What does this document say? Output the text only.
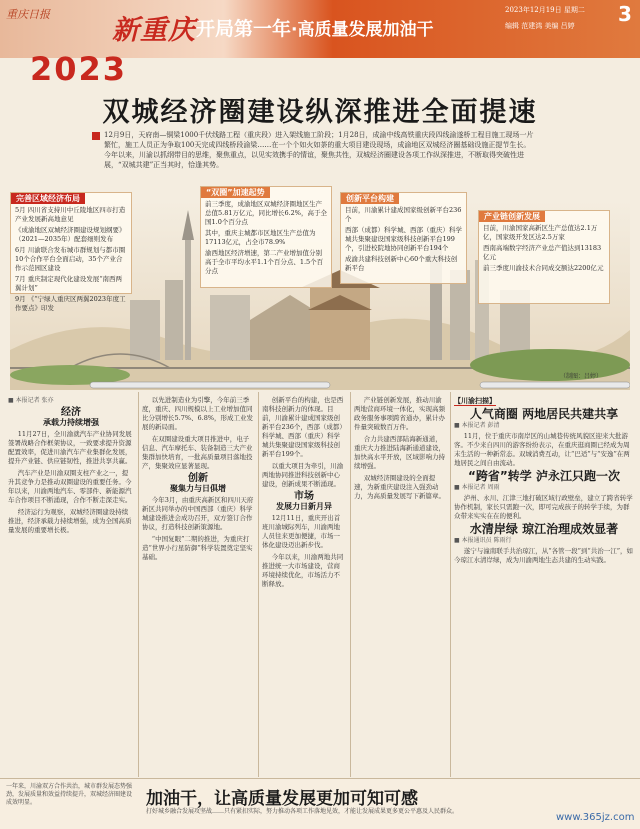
重庆日报
新重庆 开局第一年·高质量发展加油干
2023年12月19日 星期二
编辑 范建鸿 美编 吕婷 3
2023
双城经济圈建设纵深推进全面提速
12月9日，天府南—铜梁1000千伏线路工程（重庆段）进入架线施工阶段；1月28日，成渝中线高铁重庆段四线渝遂桥工程目施工现场一片繁忙，施工人员正为争取100天完成四线桥段渝梁……在一个个如火如荼的重大项目建设现场，成渝地区双城经济圈基础设施正提节生长。今年以来，川渝以抓纲带目的思维，聚焦重点，以见实效携手的情谊，聚焦共性，双城经济圈建设各项工作纵深推进，不断取得突破性进展，“双城共建”正当其时，恰逢其势。
（制图：吕婷）
完善区域经济布局
5月 四川省支持川中丘陵地区四市打造产业发展新高地意见
《成渝地区双城经济圈建设规划纲要》（2021—2035年）配套细则发布
6月 川渝联合发布城市群规划与都市圈10个合作平台全面启动，35个产业合作示范园区建设
7月 重庆制定现代化建设发展“南西两翼计划”
9月 《“宁绿人重庆区两翼2023年度工作要点》印发
“双圈”加速起势
前三季度，成渝地区双城经济圈地区生产总值5.81万亿元，同比增长6.2%，高于全国1.0个百分点
其中，重庆主城都市区地区生产总值为17113亿元，占全市78.9%
渝西地区经济增速，第二产业增加值分别高于全市平均水平1.1个百分点、1.5个百分点
创新平台构建
目前，川渝累计建成国家级创新平台236个
西部（成都）科学城、西部（重庆）科学城共集聚建设国家级科技创新平台199个，引进校院地协同创新平台194个
成渝共建科技创新中心60个重大科技创新平台
产业链创新发展
目前，川渝国家高新区生产总值达2.1万亿，国家级开发区达2.5万家
西南高端数字经济产业总产值达到13183亿元
前三季度川渝技术合同成交额达2200亿元
■ 本报记者 张亦
经济
承载力持续增强

11月27日，全川渝就汽车产业协同发展签署战略合作框架协议，一致要求提升资源配置效率，促进川渝汽车产业集群化发展，提升产业链、供应链韧性，推进共享共赢。

汽车产业是川渝双圈支柱产业之一，提升其竞争力是推动双圈建设的重要任务。今年以来，川渝两地汽车、零部件、新能源汽车合作项目不断涌现，合作不断走深走实。

经济运行为观察，双城经济圈建设持续推进，经济承载力持续增强，成为全国高质量发展的重要增长极。

以先进制造业为引擎，今年前三季度，重庆、四川规模以上工业增加值同比分别增长5.7%、6.8%，形成工业发展的新局面。

在双圈建设重大项目推进中，电子信息、汽车摩托车、装备制造三大产业集群加快培育，一批高质量项目落地投产，集聚效应显著显现。

创新
聚集力与日俱增

今年3月，由重庆高新区和四川天府新区共同举办的中国西部（重庆）科学城建设推进会成功召开，双方签订合作协议，打造科技创新策源地。

“中国复眼”二期的推进，为重庆打造“世界小行星防御”科学装置奠定坚实基础。

创新平台的构建，也是西南科技创新力的体现。目前，川渝累计建成国家级创新平台236个，西部（成都）科学城、西部（重庆）科学城共集聚建设国家级科技创新平台199个。

以重大项目为牵引，川渝两地协同推进科技创新中心建设，创新成果不断涌现。

市场
发展力日新月异

12月11日，重庆开出首班川渝城际列车，川渝两地人员往来更加便捷，市场一体化建设迈出新步伐。

今年以来，川渝两地共同推进统一大市场建设，营商环境持续优化，市场活力不断释放。

产业链创新发展，推动川渝两地营商环境一体化，实现高频政务服务事项跨省通办，累计办件量突破数百万件。

合力共建西部陆海新通道，重庆大力推进陆海新通道建设，加快高水平开放，区域影响力持续增强。

双城经济圈建设的全面提速，为新重庆建设注入强劲动力，为高质量发展写下新篇章。

【川渝扫描】
人气商圈 两地居民共建共享
■ 本报记者 彭清

11月，位于重庆市南岸区的山城巷传统风貌区迎来大批游客。不少来自四川的游客纷纷表示，在重庆逛商圈已经成为周末生活的一种新常态。双城消费互动，让“巴适”与“安逸”在两地居民之间自由流动。

“跨省”转学 泸永江只跑一次
■ 本报记者 周雨

泸州、永川、江津三地打破区域行政壁垒，建立了跨省转学协作机制，家长只需跑一次，即可完成孩子的转学手续，为群众带来实实在在的便利。

水清岸绿 琼江治理成效显著
■ 本报通讯员 陈雨行

遂宁与潼南联手共治琼江，从“各管一段”到“共治一江”，如今琼江水清岸绿，成为川渝两地生态共建的生动实践。

一年来，川渝双方合作共治，城市群发展态势强劲，发展质量和效益持续提升，双城经济圈建设成效明显。	加油干，让高质量发展更加可知可感
打好城乡融合发展攻坚战……只有紧扣实际，努力推动各项工作落地见效，才能让发展成果更多更公平惠及人民群众。
www.365jz.com
